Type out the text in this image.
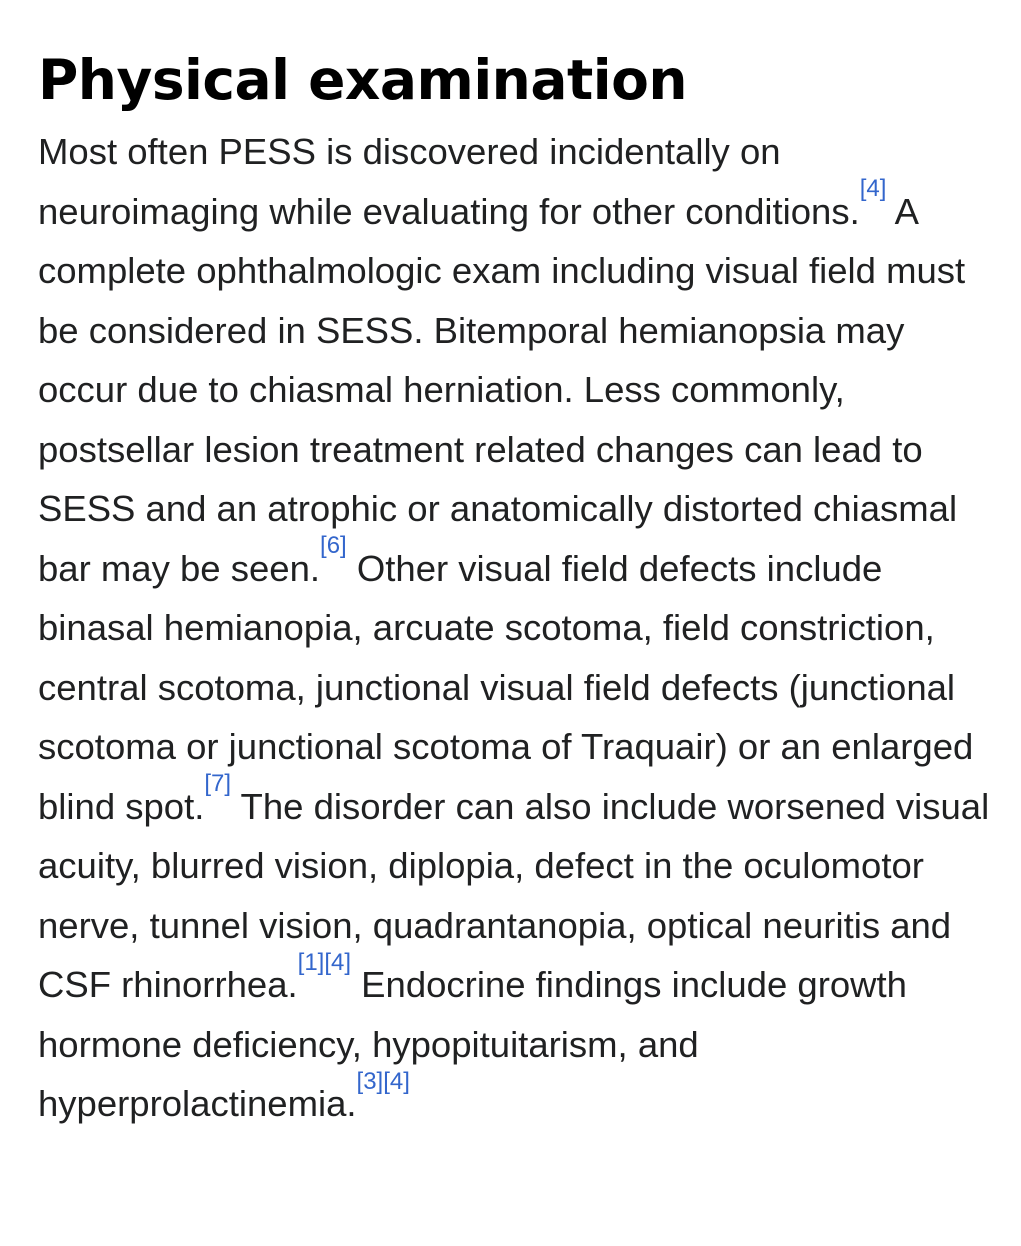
Physical examination

Most often PESS is discovered incidentally on neuroimaging while evaluating for other conditions.[4] A complete ophthalmologic exam including visual field must be considered in SESS. Bitemporal hemianopsia may occur due to chiasmal herniation. Less commonly, postsellar lesion treatment related changes can lead to SESS and an atrophic or anatomically distorted chiasmal bar may be seen.[6] Other visual field defects include binasal hemianopia, arcuate scotoma, field constriction, central scotoma, junctional visual field defects (junctional scotoma or junctional scotoma of Traquair) or an enlarged blind spot.[7] The disorder can also include worsened visual acuity, blurred vision, diplopia, defect in the oculomotor nerve, tunnel vision, quadrantanopia, optical neuritis and CSF rhinorrhea.[1][4] Endocrine findings include growth hormone deficiency, hypopituitarism, and hyperprolactinemia.[3][4]
